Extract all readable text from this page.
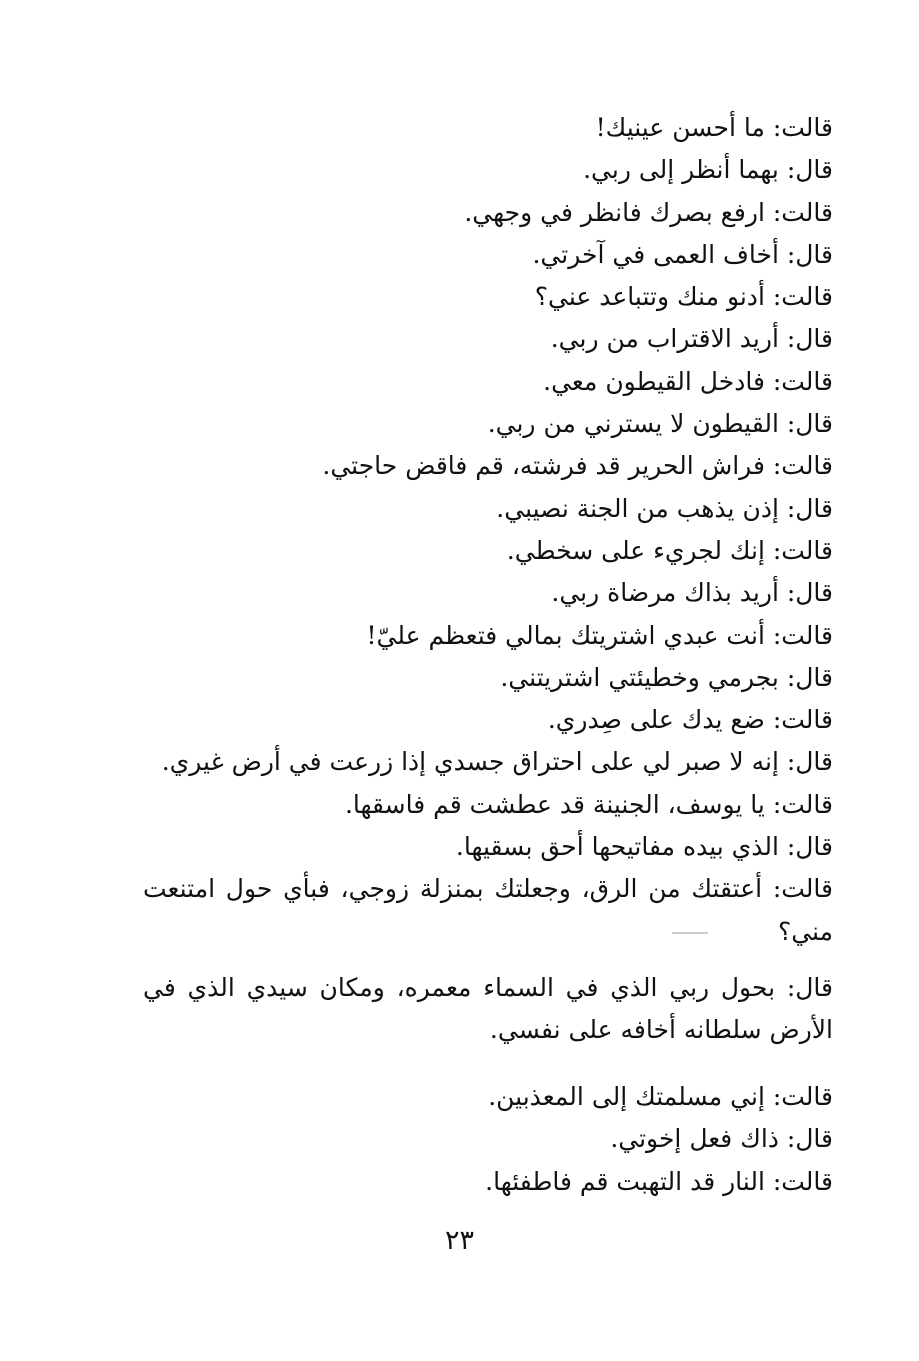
قالت: ما أحسن عينيك!
قال: بهما أنظر إلى ربي.
قالت: ارفع بصرك فانظر في وجهي.
قال: أخاف العمى في آخرتي.
قالت: أدنو منك وتتباعد عني؟
قال: أريد الاقتراب من ربي.
قالت: فادخل القيطون معي.
قال: القيطون لا يسترني من ربي.
قالت: فراش الحرير قد فرشته، قم فاقض حاجتي.
قال: إذن يذهب من الجنة نصيبي.
قالت: إنك لجريء على سخطي.
قال: أريد بذاك مرضاة ربي.
قالت: أنت عبدي اشتريتك بمالي فتعظم عليّ!
قال: بجرمي وخطيئتي اشتريتني.
قالت: ضع يدك على صِدري.
قال: إنه لا صبر لي على احتراق جسدي إذا زرعت في أرض غيري.
قالت: يا يوسف، الجنينة قد عطشت قم فاسقها.
قال: الذي بيده مفاتيحها أحق بسقيها.
قالت: أعتقتك من الرق، وجعلتك بمنزلة زوجي، فبأي حول امتنعت مني؟
قال: بحول ربي الذي في السماء معمره، ومكان سيدي الذي في الأرض سلطانه أخافه على نفسي.
قالت: إني مسلمتك إلى المعذبين.
قال: ذاك فعل إخوتي.
قالت: النار قد التهبت قم فاطفئها.
٢٣
